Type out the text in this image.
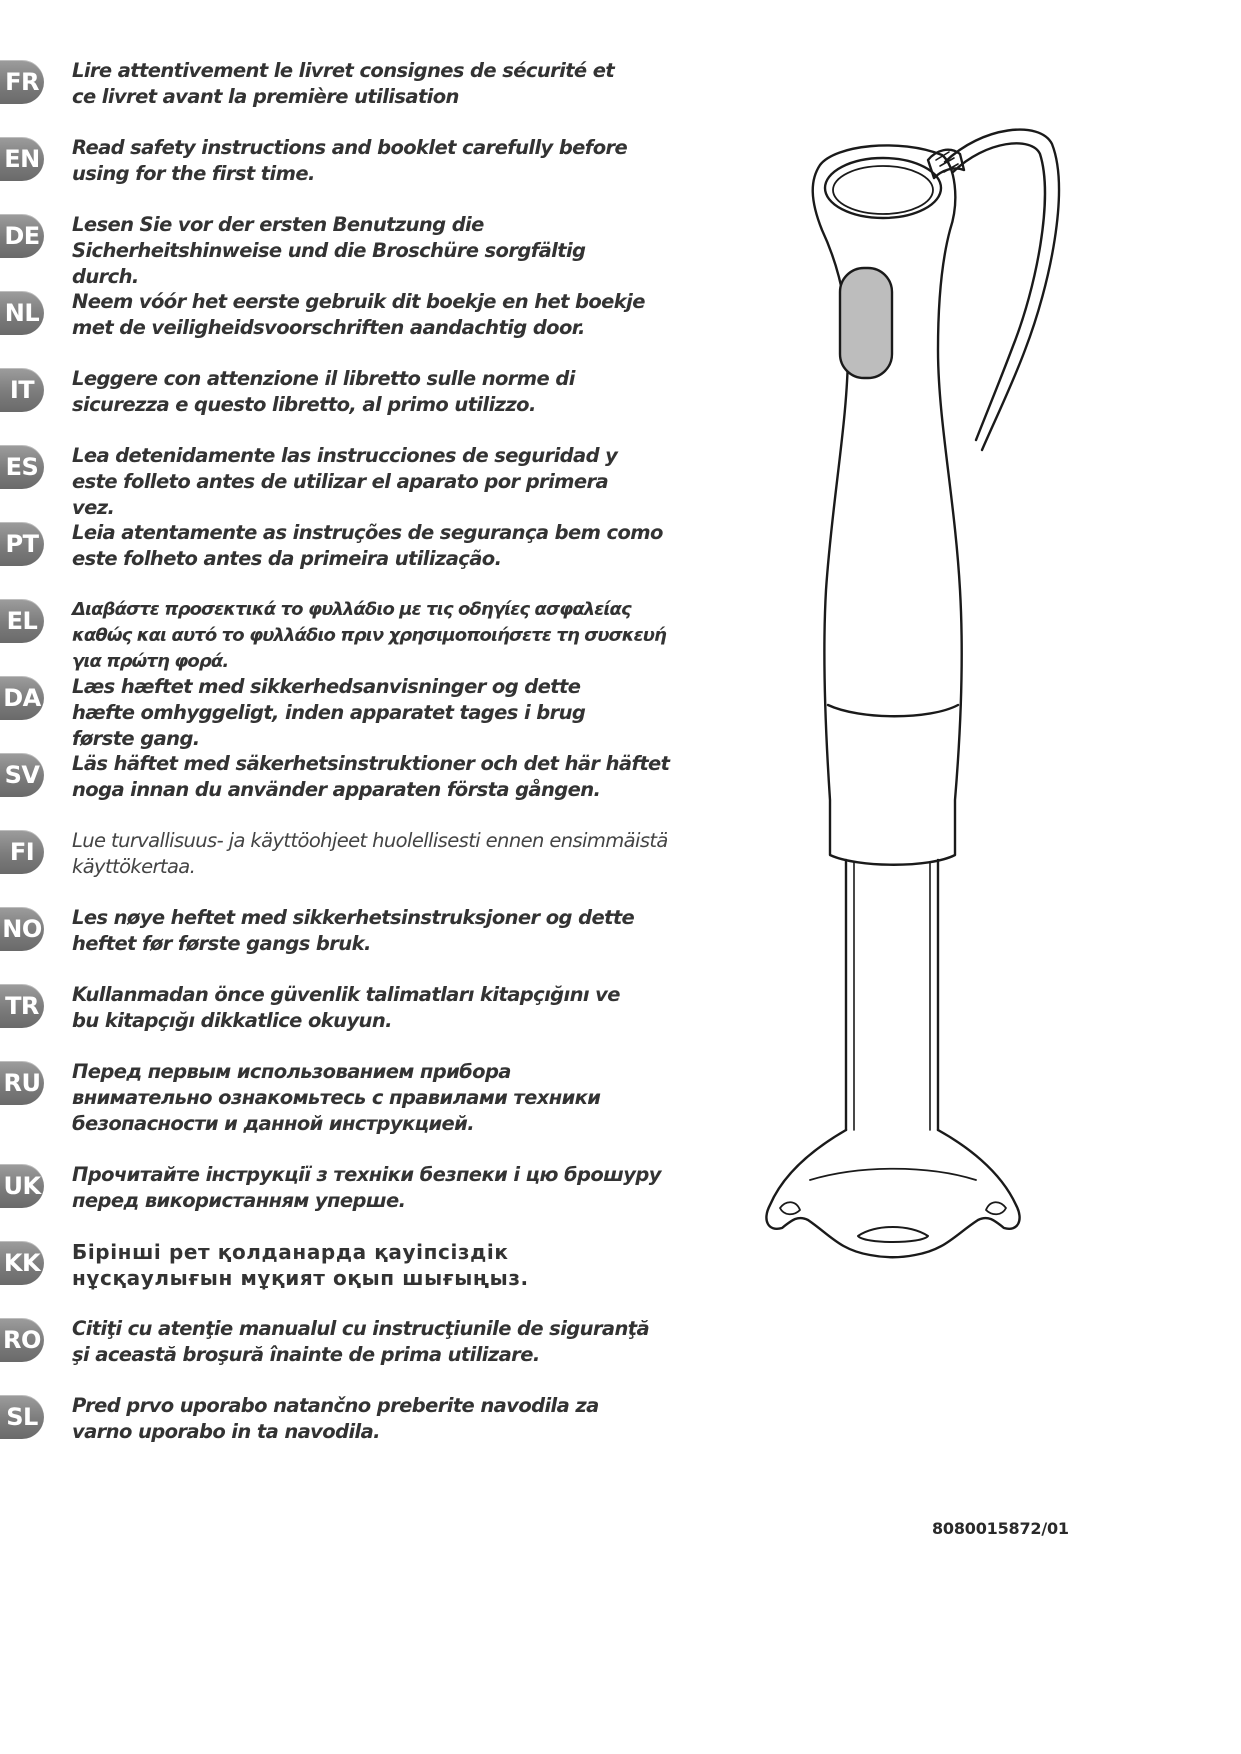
FR Lire attentivement le livret consignes de sécurité et ce livret avant la première utilisation
EN Read safety instructions and booklet carefully before using for the first time.
DE Lesen Sie vor der ersten Benutzung die Sicherheitshinweise und die Broschüre sorgfältig durch.
NL Neem vóór het eerste gebruik dit boekje en het boekje met de veiligheidsvoorschriften aandachtig door.
IT	Leggere con attenzione il libretto sulle norme di sicurezza e questo libretto, al primo utilizzo.
ES Lea detenidamente las instrucciones de seguridad y este folleto antes de utilizar el aparato por primera vez.
PT Leia atentamente as instruções de segurança bem como este folheto antes da primeira utilização.
EL	Διαβάστε προσεκτικά το φυλλάδιο με τις οδηγίες ασφαλείας καθώς και αυτό το φυλλάδιο πριν χρησιμοποιήσετε τη συσκευή για πρώτη φορά.
DA Læs hæftet med sikkerhedsanvisninger og dette hæfte omhyggeligt, inden apparatet tages i brug første gang.
SV Läs häftet med säkerhetsinstruktioner och det här häftet noga innan du använder apparaten första gången.
FI	Lue turvallisuus- ja käyttöohjeet huolellisesti ennen ensimmäistä käyttökertaa.
NO Les nøye heftet med sikkerhetsinstruksjoner og dette heftet før første gangs bruk.
TR Kullanmadan önce güvenlik talimatları kitapçığını ve bu kitapçığı dikkatlice okuyun.
RU Перед первым использованием прибора внимательно ознакомьтесь с правилами техники безопасности и данной инструкцией.
UK Прочитайте інструкції з техніки безпеки і цю брошуру перед використанням уперше.
KK Бірінші рет қолданарда қауіпсіздік нұсқаулығын мұқият оқып шығыңыз.
RO Citiţi cu atenţie manualul cu instrucţiunile de siguranţă şi această broşură înainte de prima utilizare.
SL	Pred prvo uporabo natančno preberite navodila za varno uporabo in ta navodila.
8080015872/01
